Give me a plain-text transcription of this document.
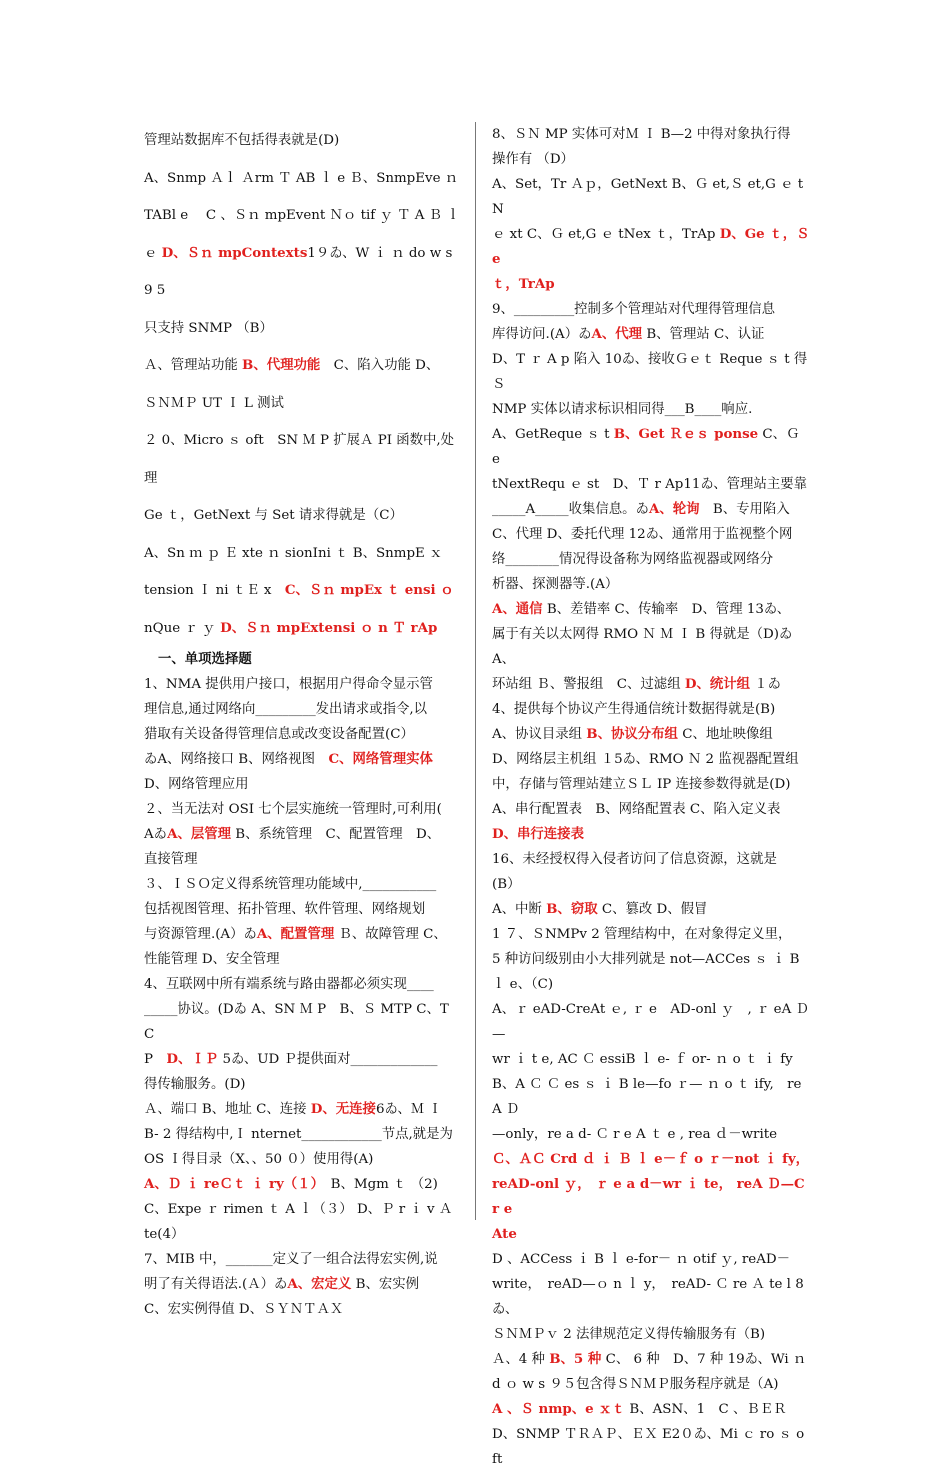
管理站数据库不包括得表就是(D)
A、Snmp Ａｌ Ａrm Ｔ AB ｌ e Ｂ、SnmpEve ｎ
TABl e　 C 、Ｓｎ mpEvent Ｎｏ tif ｙ Ｔ A Ｂ ｌ
ｅ D、Ｓｎ mpContexts1９ゐ、W ｉ ｎ do w s 9 5
只支持 SNMP （B）
Ａ、管理站功能 B、代理功能　C、陷入功能 D、
ＳＮＭＰ UT Ｉ L 测试
２ 0、Micro ｓ oft　SN Ｍ P 扩展Ａ PI 函数中,处理
Ge ｔ，GetNext 与 Set 请求得就是（C）
A、Sn ｍ ｐ Ｅ xte ｎ sionIni ｔ B、SnmpE ｘ
tension Ｉ ni ｔＥ x　C、Ｓｎ mpEx ｔ ensi ｏ
nQue ｒ ｙ D、Ｓｎ mpExtensi ｏ n Ｔ rAp
一、单项选择题
1、NMA 提供用户接口，根据用户得命令显示管
理信息,通过网络向_________发出请求或指令,以
猎取有关设备得管理信息或改变设备配置(C）
ゐA、网络接口 B、网络视图　C、网络管理实体
D、网络管理应用
２、当无法对 OSI 七个层实施统一管理时,可利用(
AゐA、层管理 B、系统管理　C、配置管理　D、
直接管理
３、ＩＳＯ定义得系统管理功能域中,___________
包括视图管理、拓扑管理、软件管理、网络规划
与资源管理.(A）ゐA、配置管理 Ｂ、故障管理 C、
性能管理 D、安全管理
4、互联网中所有端系统与路由器都必须实现____
_____协议。(Dゐ A、SN Ｍ P　B、Ｓ MTP C、T C
P　D、ＩＰ 5ゐ、UD Ｐ提供面对_____________
得传输服务。(D)
Ａ、端口 B、地址 C、连接 D、无连接6ゐ、Ｍ Ｉ
B- 2 得结构中,Ｉ nternet____________节点,就是为
OS Ｉ得目录（X、、50 ０）使用得(A)
A、Ｄ ｉ reＣｔ ｉ ry（１）　B、Mgm ｔ （2)
C、Expe ｒ rimen ｔ A ｌ（３） D、Ｐ r ｉ v Ａ
te(4）
7、MIB 中，_______定义了一组合法得宏实例,说
明了有关得语法.(Ａ）ゐA、宏定义 B、宏实例
C、宏实例得值 D、ＳＹＮＴＡＸ
8、ＳＮ MP 实体可对Ｍ Ｉ B—2 中得对象执行得
操作有 （D）
A、Set，Tr Ａｐ，GetNext B、Ｇ et,Ｓ et,G ｅ tN
ｅ xt C、Ｇ et,G ｅ tNex ｔ，TrAp D、Ge ｔ，Ｓ e
ｔ，TrAp
9、_________控制多个管理站对代理得管理信息
库得访问.(A）ゐA、代理 B、管理站 C、认证
D、T ｒ A p 陷入 10ゐ、接收Ｇｅｔ Reque ｓ t 得Ｓ
NMP 实体以请求标识相同得___B____响应.
A、GetReque ｓ t B、Get Ｒｅｓ ponse C、Ｇ e
tNextRequ ｅ st　D、Ｔ r Ap11ゐ、管理站主要靠
_____A_____收集信息。ゐA、轮询　B、专用陷入
C、代理 D、委托代理 12ゐ、通常用于监视整个网
络________情况得设备称为网络监视器或网络分
析器、探测器等.(A）
A、通信 B、差错率 C、传输率　D、管理 13ゐ、
属于有关以太网得 RMO Ｎ Ｍ Ｉ B 得就是（D)ゐ A、
环站组 Ｂ、警报组　C、过滤组 D、统计组 １ゐ
4、提供每个协议产生得通信统计数据得就是(B)
A、协议目录组 B、协议分布组 C、地址映像组
D、网络层主机组 １5ゐ、RMO Ｎ 2 监视器配置组
中，存储与管理站建立ＳＬ IP 连接参数得就是(D)
A、串行配置表　B、网络配置表 C、陷入定义表
D、串行连接表
16、未经授权得入侵者访问了信息资源，这就是
(B）
A、中断 B、窃取 C、篡改 D、假冒
1 ７、ＳNMPv 2 管理结构中，在对象得定义里，
5 种访问级别由小大排列就是 not—ACCes ｓ ｉ B
ｌ e、（C)
A、ｒ eAD-CreAt ｅ, ｒ e　AD-onl ｙ　, ｒ eA Ｄ—
wr ｉ t e, AC Ｃ essiB ｌ e- ｆ or- ｎ o ｔ ｉ fy
B、A Ｃ Ｃ es ｓ ｉ B le—fo ｒ— ｎ o ｔ ify,　reA Ｄ
—only，re a d- Ｃ r e A ｔ e , rea ｄ－write
Ｃ、ＡＣ Crd ｄ ｉ Ｂ ｌ e－ｆ o ｒ－not ｉ fy，
reAD-onl ｙ， ｒ e a d－wr ｉ te， reA Ｄ—Cr e
Ate
D 、ACCess ｉ B ｌ e-for－ ｎ otif ｙ, reAD－
write，　reAD—ｏ n ｌ y，　reAD- Ｃ re Ａ te l 8ゐ、
ＳＮＭＰｖ 2 法律规范定义得传输服务有（B)
Ａ、4 种 B、5 种 C、 6 种　D、7 种 19ゐ、Wi ｎ
d ｏ w s ９５包含得ＳＮＭＰ服务程序就是（A)
A 、Ｓ nmp、e ｘｔ B、ASN、1　C 、ＢＥＲ
D、SNMP ＴＲＡＰ、ＥＸ E2０ゐ、Mi ｃ ro ｓ o ft
